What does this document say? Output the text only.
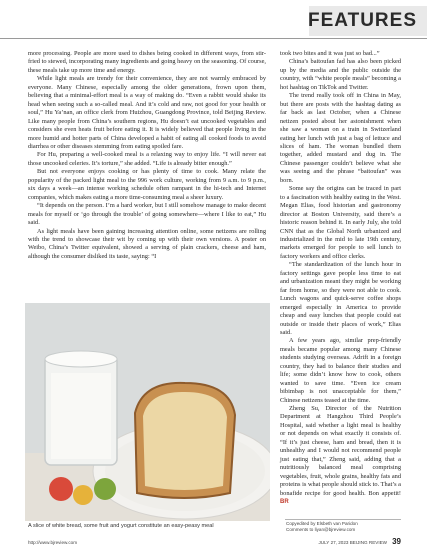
FEATURES

more processing. People are more used to dishes being cooked in different ways, from stir-fried to stewed, incorporating many ingredients and going heavy on the seasoning. Of course, these meals take up more time and energy.

While light meals are trendy for their convenience, they are not warmly embraced by everyone. Many Chinese, especially among the older generations, frown upon them, believing that a minimal-effort meal is a way of making do. “Even a rabbit would shake its head when seeing such a so-called meal. And it’s cold and raw, not good for your health or soul,” Hu Ya’nan, an office clerk from Huizhou, Guangdong Province, told Beijing Review. Like many people from China’s southern regions, Hu doesn’t eat uncooked vegetables and considers she even heats fruit before eating it. It is widely believed that people living in the more humid and hotter parts of China developed a habit of eating all cooked foods to avoid diarrhea or other diseases stemming from eating spoiled fare.

For Hu, preparing a well-cooked meal is a relaxing way to enjoy life. “I will never eat those uncooked celeries. It’s torture,” she added. “Life is already bitter enough.”

But not everyone enjoys cooking or has plenty of time to cook. Many relate the popularity of the packed light meal to the 996 work culture, working from 9 a.m. to 9 p.m., six days a week—an intense working schedule often rampant in the hi-tech and Internet companies, which makes eating a more time-consuming meal a sheer luxury.

“It depends on the person. I’m a hard worker, but I still somehow manage to make decent meals for myself or ‘go through the trouble’ of going somewhere—where I like to eat,” Hu said.

As light meals have been gaining increasing attention online, some netizens are rolling with the trend to showcase their wit by coming up with their own versions. A poster on Weibo, China’s Twitter equivalent, showed a serving of plain crackers, cheese and ham, although the consumer disliked its taste, saying: “I

A slice of white bread, some fruit and yogurt constitute an easy-peasy meal

took two bites and it was just so bad...”

China’s baitoufan fad has also been picked up by the media and the public outside the country, with “white people meals” becoming a hot hashtag on TikTok and Twitter.

The trend really took off in China in May, but there are posts with the hashtag dating as far back as last October, when a Chinese netizen posted about her astonishment when she saw a woman on a train in Switzerland eating her lunch with just a bag of lettuce and slices of ham. The woman bundled them together, added mustard and dug in. The Chinese passenger couldn’t believe what she was seeing and the phrase “baitoufan” was born.

Some say the origins can be traced in part to a fascination with healthy eating in the West. Megan Elias, food historian and gastronomy director at Boston University, said there’s a historic reason behind it. In early July, she told CNN that as the Global North urbanized and industrialized in the mid to late 19th century, markets emerged for people to sell lunch to factory workers and office clerks.

“The standardization of the lunch hour in factory settings gave people less time to eat and urbanization meant they might be working far from home, so they were not able to cook. Lunch wagons and quick-serve coffee shops emerged especially in America to provide cheap and easy lunches that people could eat outside or inside their places of work,” Elias said.

A few years ago, similar prep-friendly meals became popular among many Chinese students studying overseas. Adrift in a foreign country, they had to balance their studies and life; some didn’t know how to cook, others wanted to save time. “Even ice cream bibimbap is not unacceptable for them,” Chinese netizens teased at the time.

Zheng Su, Director of the Nutrition Department at Hangzhou Third People’s Hospital, said whether a light meal is healthy or not depends on what exactly it consists of. “If it’s just cheese, ham and bread, then it is unhealthy and I would not recommend people just eating that,” Zheng said, adding that a nutritiously balanced meal comprising vegetables, fruit, whole grains, healthy fats and proteins is what people should stick to. That’s a bonafide recipe for good health. Bon appetit! BR

Copyedited by Elsbeth van Paridon
Comments to liyan@bjreview.com
http://www.bjreview.com	JULY 27, 2023 BEIJING REVIEW 39
